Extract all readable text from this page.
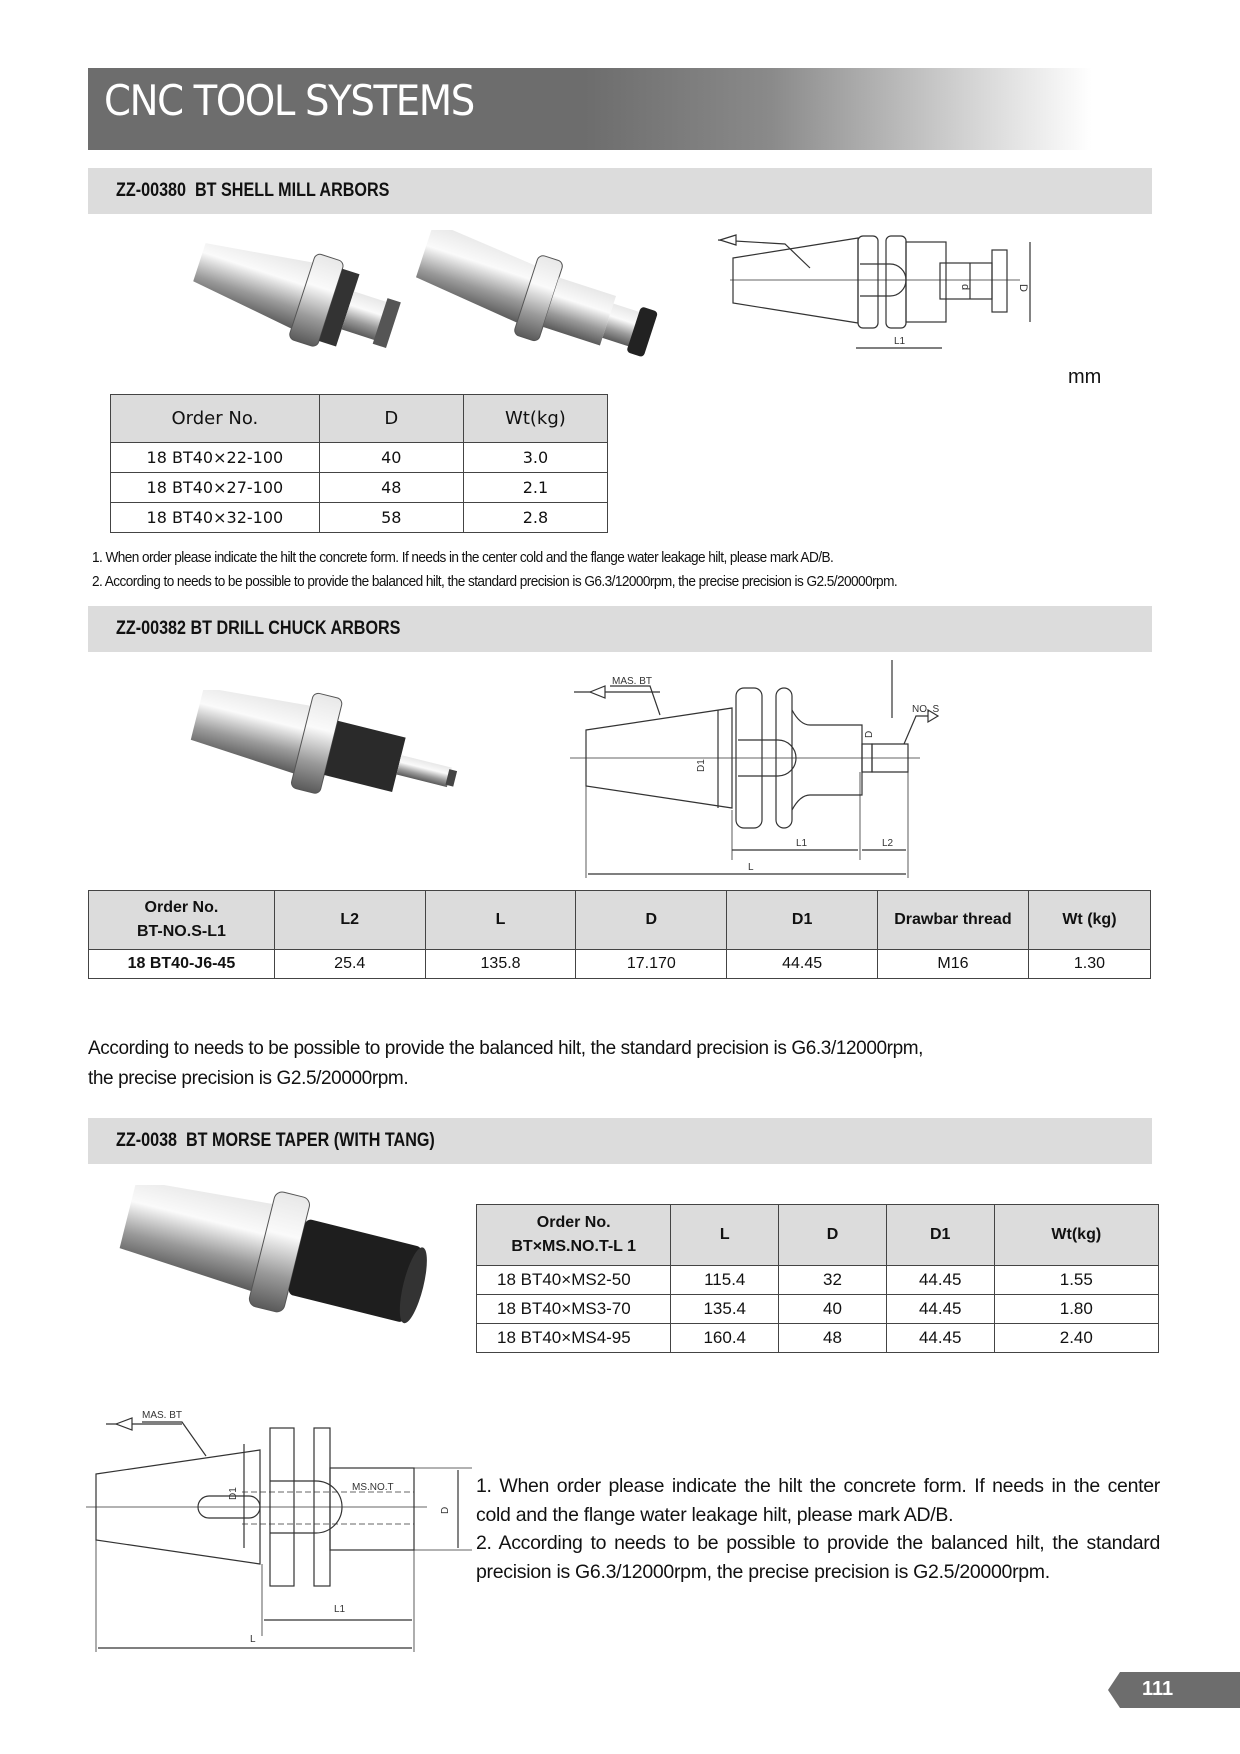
CNC TOOL SYSTEMS
ZZ-00380  BT SHELL MILL ARBORS
d	D
L1
mm
Order No.	D	Wt(kg)
18 BT40×22-100	40	3.0
18 BT40×27-100	48	2.1
18 BT40×32-100	58	2.8
1. When order please indicate the hilt the concrete form. If needs in the center cold and the flange water leakage hilt, please mark AD/B.
2. According to needs to be possible to provide the balanced hilt, the standard precision is G6.3/12000rpm, the precise precision is G2.5/20000rpm.
ZZ-00382 BT DRILL CHUCK ARBORS
MAS. BT
NO. S
D1
D
L1	L2
L
Order No.
BT-NO.S-L1	L2	L	D	D1	Drawbar thread	Wt (kg)
18 BT40-J6-45	25.4	135.8	17.170	44.45	M16	1.30
According to needs to be possible to provide the balanced hilt, the standard precision is G6.3/12000rpm,
the precise precision is G2.5/20000rpm.
ZZ-0038  BT MORSE TAPER (WITH TANG)
Order No.
BT×MS.NO.T-L 1	L	D	D1	Wt(kg)
18 BT40×MS2-50	115.4	32	44.45	1.55
18 BT40×MS3-70	135.4	40	44.45	1.80
18 BT40×MS4-95	160.4	48	44.45	2.40
MAS. BT
MS.NO.T
D1
D
L1
L
1. When order please indicate the hilt the concrete form. If needs in the center cold and the flange water leakage hilt, please mark AD/B.
2. According to needs to be possible to provide the balanced hilt, the standard precision is G6.3/12000rpm, the precise precision is G2.5/20000rpm.
111
